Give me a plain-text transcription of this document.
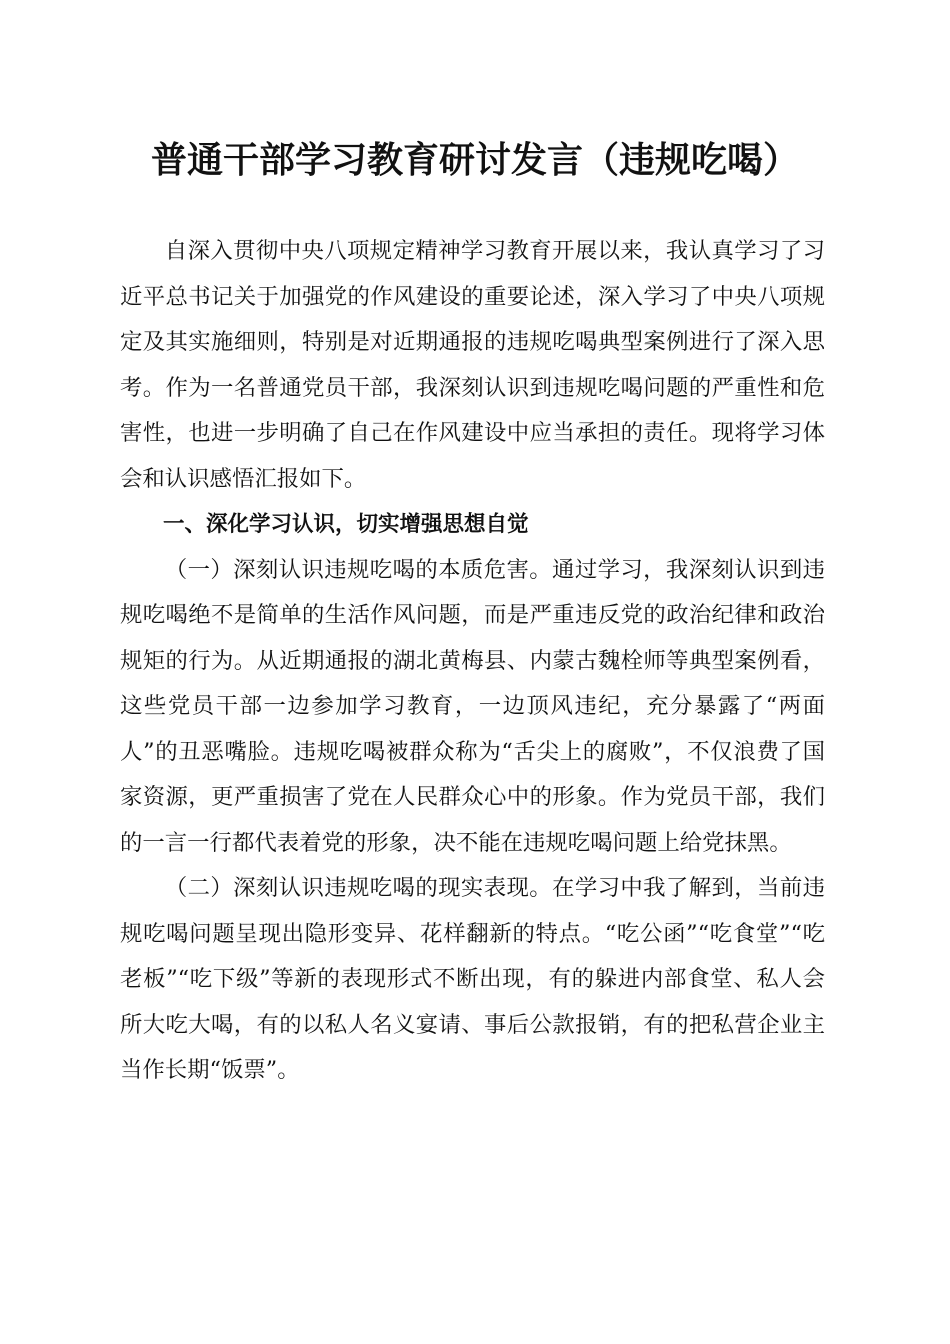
普通干部学习教育研讨发言（违规吃喝）

自深入贯彻中央八项规定精神学习教育开展以来，我认真学习了习近平总书记关于加强党的作风建设的重要论述，深入学习了中央八项规定及其实施细则，特别是对近期通报的违规吃喝典型案例进行了深入思考。作为一名普通党员干部，我深刻认识到违规吃喝问题的严重性和危害性，也进一步明确了自己在作风建设中应当承担的责任。现将学习体会和认识感悟汇报如下。

一、深化学习认识，切实增强思想自觉

（一）深刻认识违规吃喝的本质危害。通过学习，我深刻认识到违规吃喝绝不是简单的生活作风问题，而是严重违反党的政治纪律和政治规矩的行为。从近期通报的湖北黄梅县、内蒙古魏栓师等典型案例看，这些党员干部一边参加学习教育，一边顶风违纪，充分暴露了“两面人”的丑恶嘴脸。违规吃喝被群众称为“舌尖上的腐败”，不仅浪费了国家资源，更严重损害了党在人民群众心中的形象。作为党员干部，我们的一言一行都代表着党的形象，决不能在违规吃喝问题上给党抹黑。

（二）深刻认识违规吃喝的现实表现。在学习中我了解到，当前违规吃喝问题呈现出隐形变异、花样翻新的特点。“吃公函”“吃食堂”“吃老板”“吃下级”等新的表现形式不断出现，有的躲进内部食堂、私人会所大吃大喝，有的以私人名义宴请、事后公款报销，有的把私营企业主当作长期“饭票”。
